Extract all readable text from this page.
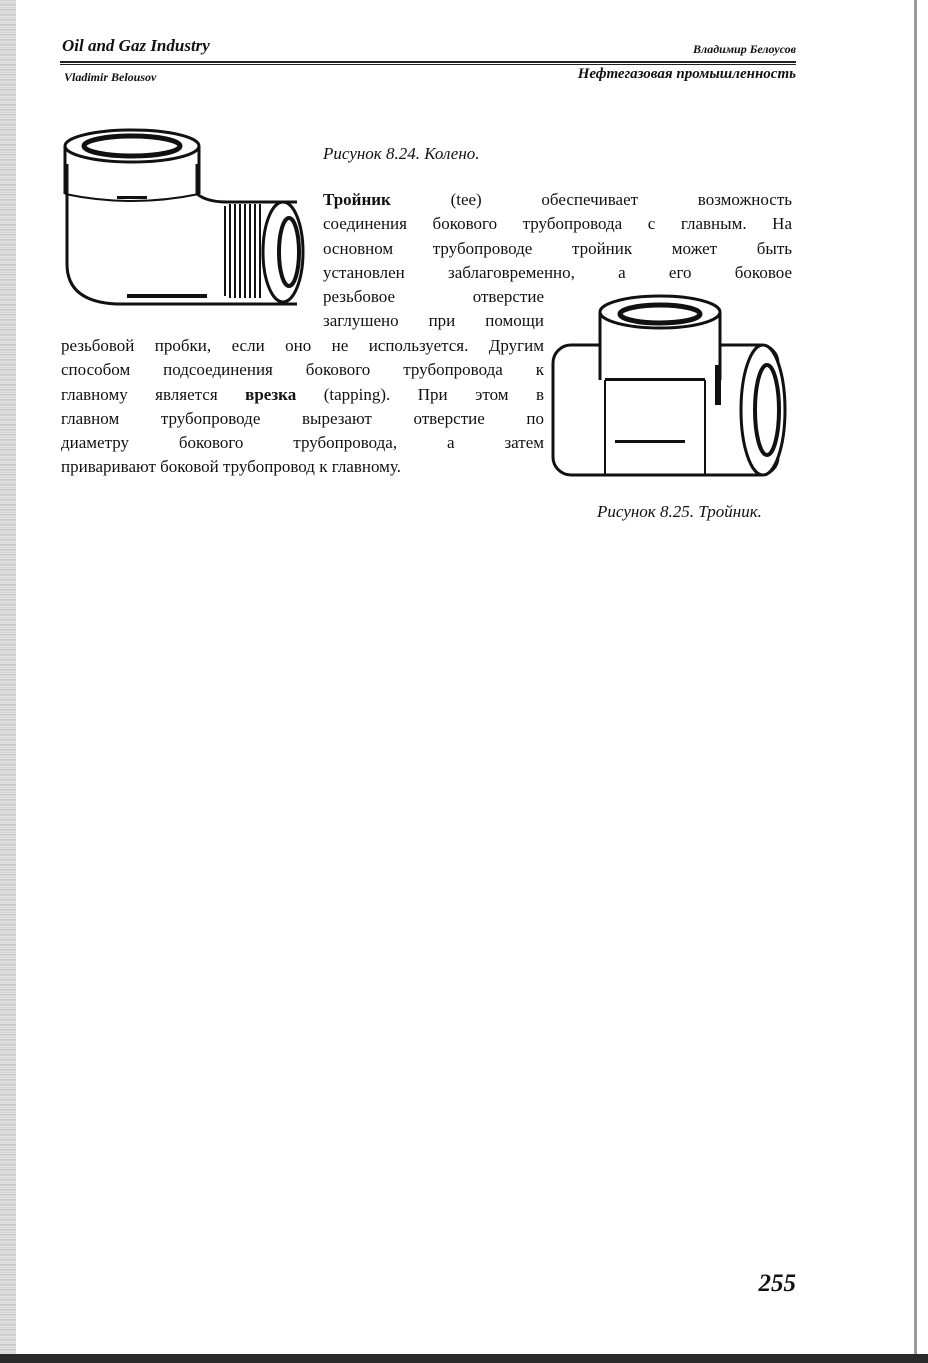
Oil and Gaz Industry	Владимир Белоусов
Vladimir Belousov	Нефтегазовая промышленность
Рисунок 8.24. Колено.
Тройник	(tee) обеспечивает возможность
соединения бокового трубопровода с главным. На
основном трубопроводе тройник может быть
установлен заблаговременно, а его боковое
резьбовое отверстие
заглушено при помощи
резьбовой пробки, если оно не используется. Другим
способом подсоединения бокового трубопровода к
главному является врезка (tapping). При этом в
главном трубопроводе вырезают отверстие по
диаметру бокового трубопровода, а затем
приваривают боковой трубопровод к главному.
Рисунок 8.25. Тройник.
255
